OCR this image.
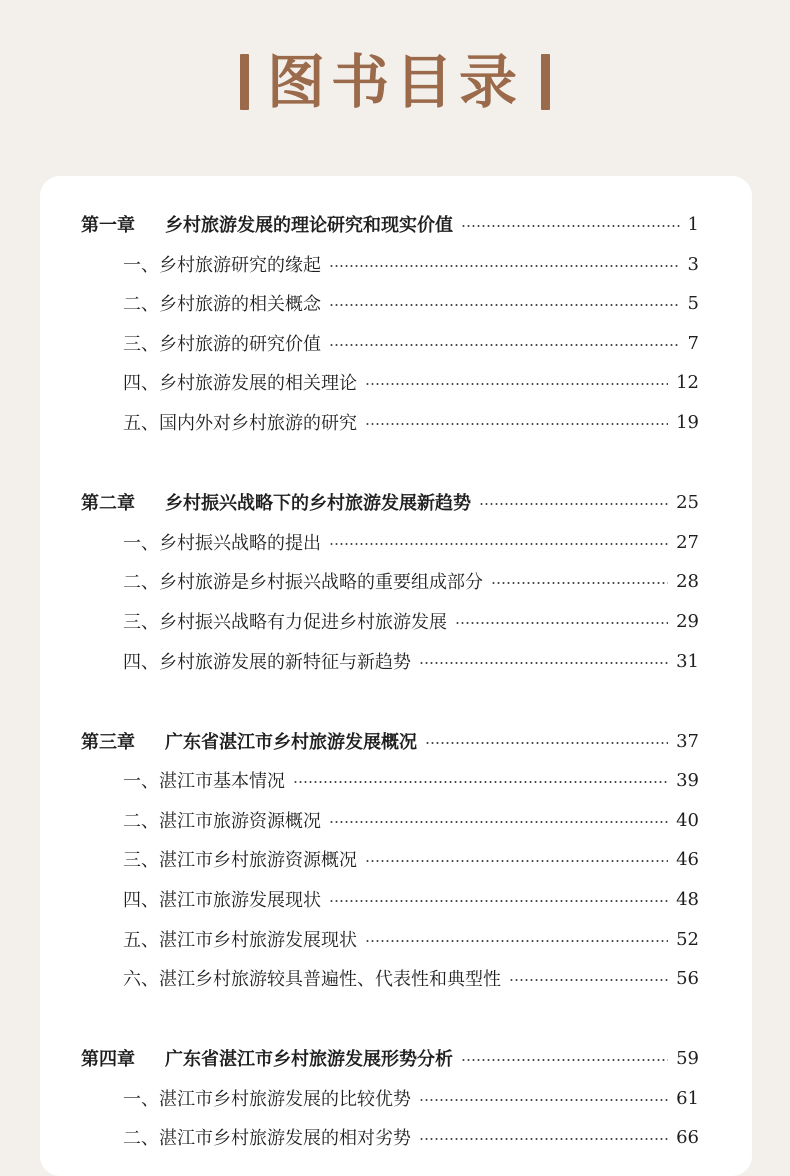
图书目录
第一章 乡村旅游发展的理论研究和现实价值	1
一、乡村旅游研究的缘起	3
二、乡村旅游的相关概念	5
三、乡村旅游的研究价值	7
四、乡村旅游发展的相关理论	12
五、国内外对乡村旅游的研究	19
第二章 乡村振兴战略下的乡村旅游发展新趋势	25
一、乡村振兴战略的提出	27
二、乡村旅游是乡村振兴战略的重要组成部分	28
三、乡村振兴战略有力促进乡村旅游发展	29
四、乡村旅游发展的新特征与新趋势	31
第三章 广东省湛江市乡村旅游发展概况	37
一、湛江市基本情况	39
二、湛江市旅游资源概况	40
三、湛江市乡村旅游资源概况	46
四、湛江市旅游发展现状	48
五、湛江市乡村旅游发展现状	52
六、湛江乡村旅游较具普遍性、代表性和典型性	56
第四章 广东省湛江市乡村旅游发展形势分析	59
一、湛江市乡村旅游发展的比较优势	61
二、湛江市乡村旅游发展的相对劣势	66
